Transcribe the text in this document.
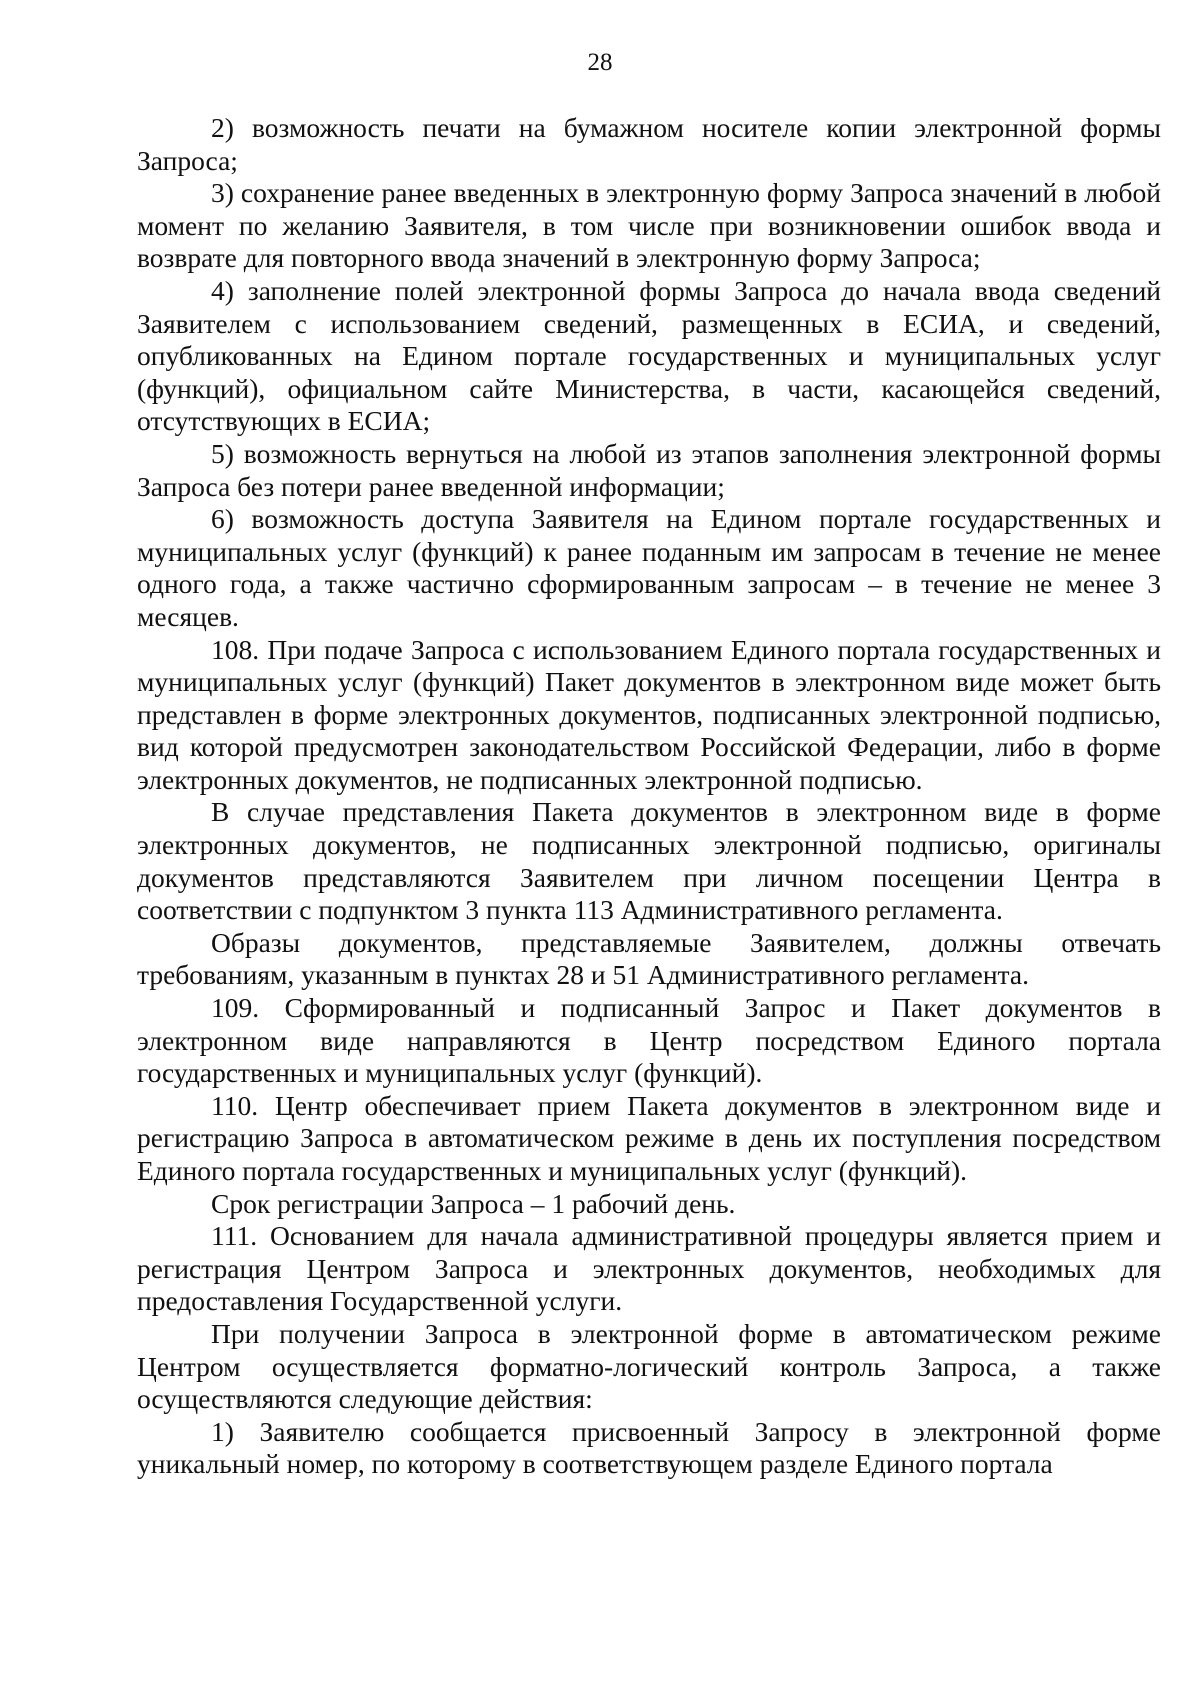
28

2) возможность печати на бумажном носителе копии электронной формы Запроса;

3) сохранение ранее введенных в электронную форму Запроса значений в любой момент по желанию Заявителя, в том числе при возникновении ошибок ввода и возврате для повторного ввода значений в электронную форму Запроса;

4) заполнение полей электронной формы Запроса до начала ввода сведений Заявителем с использованием сведений, размещенных в ЕСИА, и сведений, опубликованных на Едином портале государственных и муниципальных услуг (функций), официальном сайте Министерства, в части, касающейся сведений, отсутствующих в ЕСИА;

5) возможность вернуться на любой из этапов заполнения электронной формы Запроса без потери ранее введенной информации;

6) возможность доступа Заявителя на Едином портале государственных и муниципальных услуг (функций) к ранее поданным им запросам в течение не менее одного года, а также частично сформированным запросам – в течение не менее 3 месяцев.

108. При подаче Запроса с использованием Единого портала государственных и муниципальных услуг (функций) Пакет документов в электронном виде может быть представлен в форме электронных документов, подписанных электронной подписью, вид которой предусмотрен законодательством Российской Федерации, либо в форме электронных документов, не подписанных электронной подписью.

В случае представления Пакета документов в электронном виде в форме электронных документов, не подписанных электронной подписью, оригиналы документов представляются Заявителем при личном посещении Центра в соответствии с подпунктом 3 пункта 113 Административного регламента.

Образы документов, представляемые Заявителем, должны отвечать требованиям, указанным в пунктах 28 и 51 Административного регламента.

109. Сформированный и подписанный Запрос и Пакет документов в электронном виде направляются в Центр посредством Единого портала государственных и муниципальных услуг (функций).

110. Центр обеспечивает прием Пакета документов в электронном виде и регистрацию Запроса в автоматическом режиме в день их поступления посредством Единого портала государственных и муниципальных услуг (функций).

Срок регистрации Запроса – 1 рабочий день.

111. Основанием для начала административной процедуры является прием и регистрация Центром Запроса и электронных документов, необходимых для предоставления Государственной услуги.

При получении Запроса в электронной форме в автоматическом режиме Центром осуществляется форматно-логический контроль Запроса, а также осуществляются следующие действия:

1) Заявителю сообщается присвоенный Запросу в электронной форме уникальный номер, по которому в соответствующем разделе Единого портала
